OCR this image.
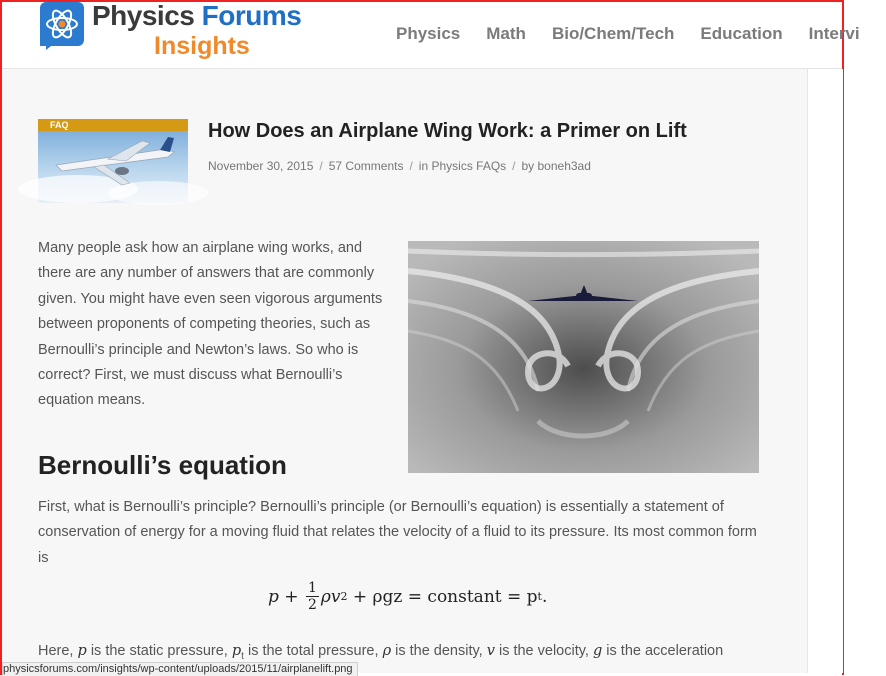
Physics Forums
Insights	Physics Math Bio/Chem/Tech Education Intervi
FAQ	How Does an Airplane Wing Work: a Primer on Lift
November 30, 2015 / 57 Comments / in Physics FAQs / by boneh3ad
Many people ask how an airplane wing works, and there are any number of answers that are commonly given. You might have even seen vigorous arguments between proponents of competing theories, such as Bernoulli’s principle and Newton’s laws. So who is correct? First, we must discuss what Bernoulli’s equation means.
Bernoulli’s equation
First, what is Bernoulli’s principle? Bernoulli’s principle (or Bernoulli’s equation) is essentially a statement of conservation of energy for a moving fluid that relates the velocity of a fluid to its pressure. Its most common form is
p
+
$\frac{1}{2}$ ρv 2
+ ρgz = constant = p t .
Here, p is the static pressure, $p_t$ is the total pressure, ρ is the density, v is the velocity, g is the acceleration
physicsforums.com/insights/wp-content/uploads/2015/11/airplanelift.png
